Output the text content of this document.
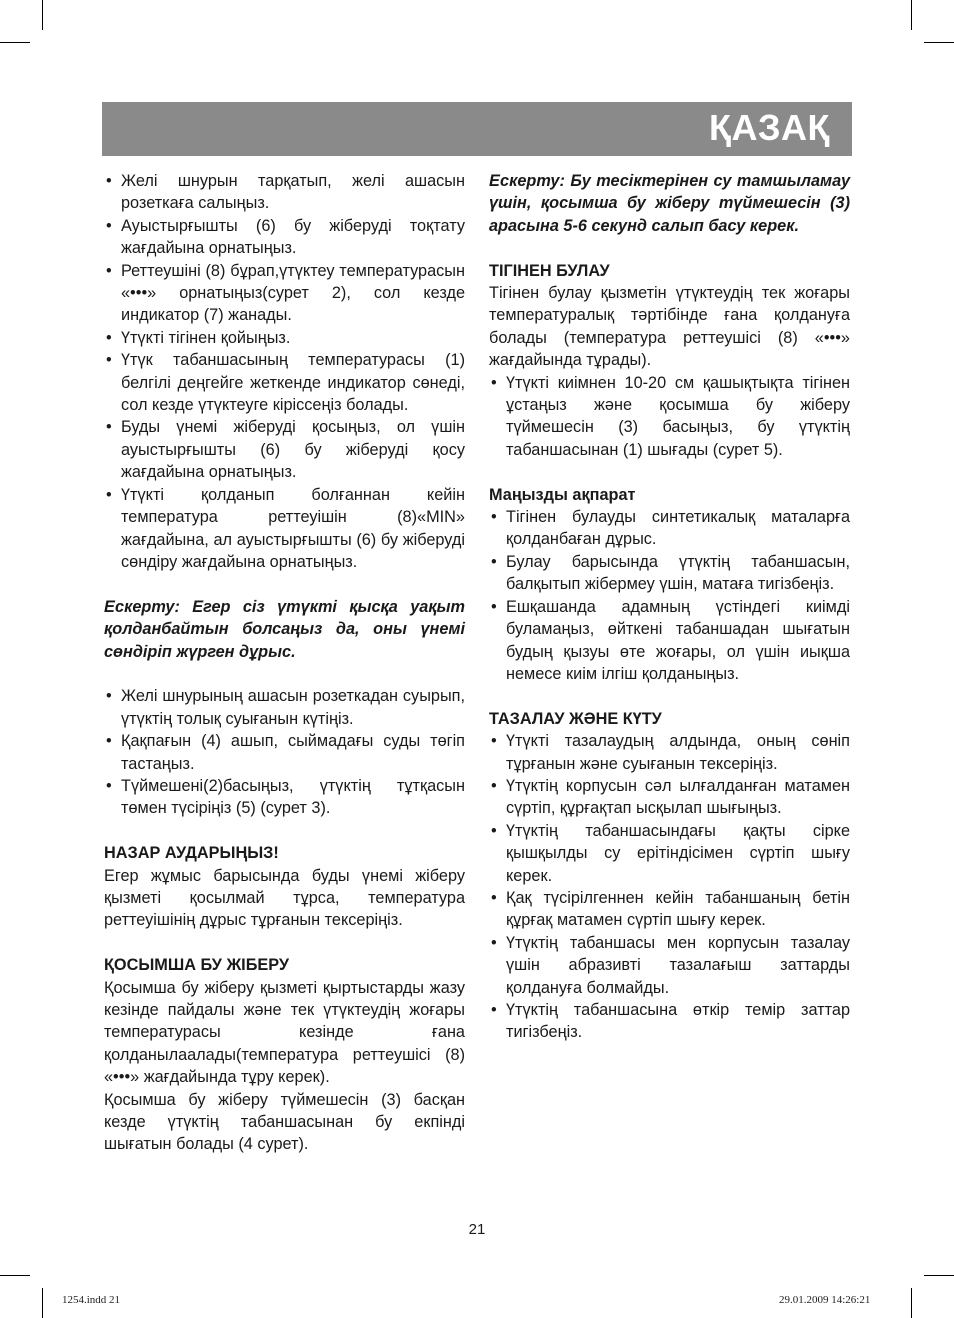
ҚАЗАҚ
• Желі шнурын тарқатып, желі ашасын розеткаға салыңыз.
• Ауыстырғышты (6) бу жіберуді тоқтату жағдайына орнатыңыз.
• Реттеушіні (8) бұрап,үтүктеу температурасын «•••» орнатыңыз(сурет 2), сол кезде индикатор (7) жанады.
• Үтүкті тігінен қойыңыз.
• Үтүк табаншасының температурасы (1) белгілі деңгейге жеткенде индикатор сөнеді, сол кезде үтүктеуге кіріссеңіз болады.
• Буды үнемі жіберуді қосыңыз, ол үшін ауыстырғышты (6) бу жіберуді қосу жағдайына орнатыңыз.
• Үтүкті қолданып болғаннан кейін температура реттеуішін (8)«MIN» жағдайына, ал ауыстырғышты (6) бу жіберуді сөндіру жағдайына орнатыңыз.

Ескерту: Егер сіз үтүкті қысқа уақыт қолданбайтын болсаңыз да, оны үнемі сөндіріп жүрген дұрыс.

• Желі шнурының ашасын розеткадан суырып, үтүктің толық суығанын күтіңіз.
• Қақпағын (4) ашып, сыймадағы суды төгіп тастаңыз.
• Түймешені(2)басыңыз, үтүктің тұтқасын төмен түсіріңіз (5) (сурет 3).
НАЗАР АУДАРЫҢЫЗ!

Егер жұмыс барысында буды үнемі жіберу қызметі қосылмай тұрса, температура реттеуішінің дұрыс тұрғанын тексеріңіз.

ҚОСЫМША БУ ЖІБЕРУ

Қосымша бу жіберу қызметі қыртыстарды жазу кезінде пайдалы және тек үтүктеудің жоғары температурасы кезінде ғана қолданылаалады(температура реттеушісі (8) «•••» жағдайында тұру керек).

Қосымша бу жіберу түймешесін (3) басқан кезде үтүктің табаншасынан бу екпінді шығатын болады (4 сурет).

Ескерту: Бу тесіктерінен су тамшыламау үшін, қосымша бу жіберу түймешесін (3) арасына 5-6 секунд салып басу керек.

ТІГІНЕН БУЛАУ

Тігінен булау қызметін үтүктеудің тек жоғары температуралық тәртібінде ғана қолдануға болады (температура реттеушісі (8) «•••» жағдайында тұрады).

• Үтүкті киімнен 10-20 см қашықтықта тігінен ұстаңыз және қосымша бу жіберу түймешесін (3) басыңыз, бу үтүктің табаншасынан (1) шығады (сурет 5).
Маңызды ақпарат
• Тігінен булауды синтетикалық маталарға қолданбаған дұрыс.
• Булау барысында үтүктің табаншасын, балқытып жібермеу үшін, матаға тигізбеңіз.
• Ешқашанда адамның үстіндегі киімді буламаңыз, өйткені табаншадан шығатын будың қызуы өте жоғары, ол үшін иықша немесе киім ілгіш қолданыңыз.
ТАЗАЛАУ ЖӘНЕ КҮТУ
• Үтүкті тазалаудың алдында, оның сөніп тұрғанын және суығанын тексеріңіз.
• Үтүктің корпусын сәл ылғалданған матамен сүртіп, құрғақтап ысқылап шығыңыз.
• Үтүктің табаншасындағы қақты сірке қышқылды су ерітіндісімен сүртіп шығу керек.
• Қақ түсірілгеннен кейін табаншаның бетін құрғақ матамен сүртіп шығу керек.
• Үтүктің табаншасы мен корпусын тазалау үшін абразивті тазалағыш заттарды қолдануға болмайды.
• Үтүктің табаншасына өткір темір заттар тигізбеңіз.
21
1254.indd 21	29.01.2009 14:26:21
